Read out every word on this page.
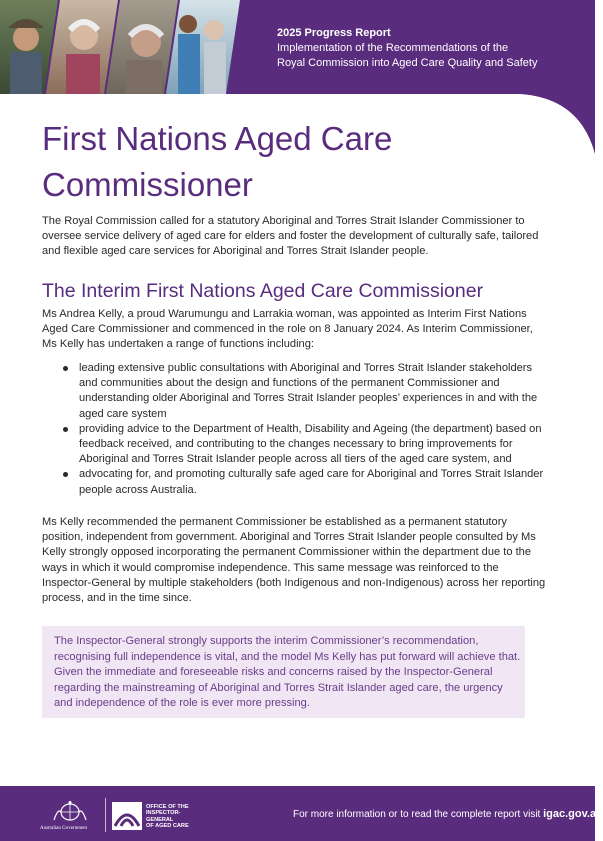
2025 Progress Report
Implementation of the Recommendations of the
Royal Commission into Aged Care Quality and Safety
First Nations Aged Care
Commissioner

The Royal Commission called for a statutory Aboriginal and Torres Strait Islander Commissioner to oversee service delivery of aged care for elders and foster the development of culturally safe, tailored and flexible aged care services for Aboriginal and Torres Strait Islander people.

The Interim First Nations Aged Care Commissioner

Ms Andrea Kelly, a proud Warumungu and Larrakia woman, was appointed as Interim First Nations Aged Care Commissioner and commenced in the role on 8 January 2024. As Interim Commissioner, Ms Kelly has undertaken a range of functions including:

leading extensive public consultations with Aboriginal and Torres Strait Islander stakeholders and communities about the design and functions of the permanent Commissioner and understanding older Aboriginal and Torres Strait Islander peoples’ experiences in and with the aged care system
providing advice to the Department of Health, Disability and Ageing (the department) based on feedback received, and contributing to the changes necessary to bring improvements for Aboriginal and Torres Strait Islander people across all tiers of the aged care system, and
advocating for, and promoting culturally safe aged care for Aboriginal and Torres Strait Islander people across Australia.

Ms Kelly recommended the permanent Commissioner be established as a permanent statutory position, independent from government. Aboriginal and Torres Strait Islander people consulted by Ms Kelly strongly opposed incorporating the permanent Commissioner within the department due to the ways in which it would compromise independence. This same message was reinforced to the Inspector-General by multiple stakeholders (both Indigenous and non-Indigenous) across her reporting process, and in the time since.

The Inspector-General strongly supports the interim Commissioner’s recommendation, recognising full independence is vital, and the model Ms Kelly has put forward will achieve that. Given the immediate and foreseeable risks and concerns raised by the Inspector-General regarding the mainstreaming of Aboriginal and Torres Strait Islander aged care, the urgency and independence of the role is ever more pressing.

Australian Government
OFFICE OF THE
INSPECTOR-
GENERAL
OF AGED CARE
For more information or to read the complete report visit igac.gov.au
